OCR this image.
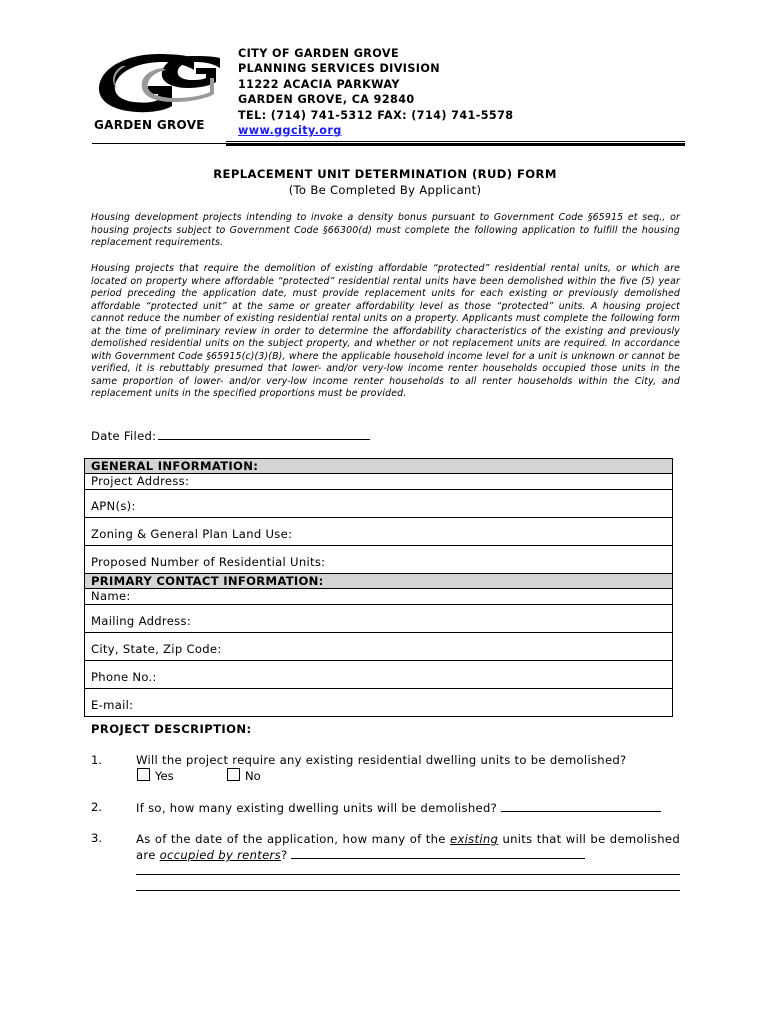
GARDEN GROVE
CITY OF GARDEN GROVE
PLANNING SERVICES DIVISION
11222 ACACIA PARKWAY
GARDEN GROVE, CA 92840
TEL: (714) 741-5312 FAX: (714) 741-5578
www.ggcity.org
REPLACEMENT UNIT DETERMINATION (RUD) FORM
(To Be Completed By Applicant)
Housing development projects intending to invoke a density bonus pursuant to Government Code §65915 et seq., or housing projects subject to Government Code §66300(d) must complete the following application to fulfill the housing replacement requirements.
Housing projects that require the demolition of existing affordable “protected” residential rental units, or which are located on property where affordable “protected” residential rental units have been demolished within the five (5) year period preceding the application date, must provide replacement units for each existing or previously demolished affordable “protected unit” at the same or greater affordability level as those “protected” units. A housing project cannot reduce the number of existing residential rental units on a property. Applicants must complete the following form at the time of preliminary review in order to determine the affordability characteristics of the existing and previously demolished residential units on the subject property, and whether or not replacement units are required. In accordance with Government Code §65915(c)(3)(B), where the applicable household income level for a unit is unknown or cannot be verified, it is rebuttably presumed that lower- and/or very-low income renter households occupied those units in the same proportion of lower- and/or very-low income renter households to all renter households within the City, and replacement units in the specified proportions must be provided.
Date Filed:
GENERAL INFORMATION:
Project Address:
APN(s):
Zoning & General Plan Land Use:
Proposed Number of Residential Units:
PRIMARY CONTACT INFORMATION:
Name:
Mailing Address:
City, State, Zip Code:
Phone No.:
E-mail:
PROJECT DESCRIPTION:
1.	Will the project require any existing residential dwelling units to be demolished?
Yes	No
2.	If so, how many existing dwelling units will be demolished?
3.	As of the date of the application, how many of the existing units that will be demolished are occupied by renters?
